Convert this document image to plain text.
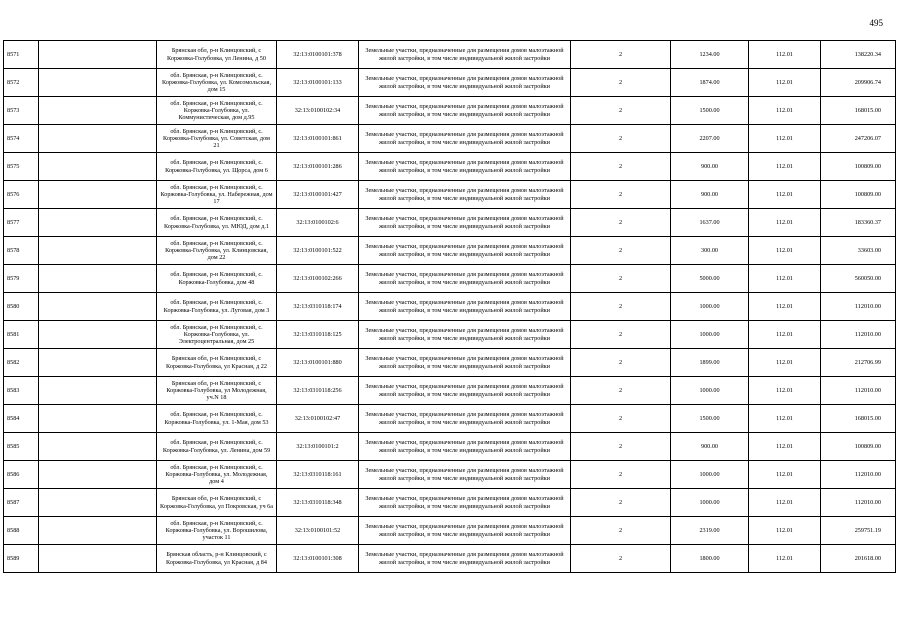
495
8571		Брянская обл, р-н Клинцовский, с Коржовка-Голубовка, ул Ленина, д 50	32:13:0100101:378	Земельные участки, предназначенные для размещения домов малоэтажной жилой застройки, в том числе индивидуальной жилой застройки	2	1234.00	112.01	138220.34
8572		обл. Брянская, р-н Клинцовский, с. Коржовка-Голубовка, ул. Комсомольская, дом 15	32:13:0100101:133	Земельные участки, предназначенные для размещения домов малоэтажной жилой застройки, в том числе индивидуальной жилой застройки	2	1874.00	112.01	209906.74
8573		обл. Брянская, р-н Клинцовский, с. Коржовка-Голубовка, ул. Коммунистическая, дом д.95	32:13:0100102:34	Земельные участки, предназначенные для размещения домов малоэтажной жилой застройки, в том числе индивидуальной жилой застройки	2	1500.00	112.01	168015.00
8574		обл. Брянская, р-н Клинцовский, с. Коржовка-Голубовка, ул. Советская, дом 21	32:13:0100101:861	Земельные участки, предназначенные для размещения домов малоэтажной жилой застройки, в том числе индивидуальной жилой застройки	2	2207.00	112.01	247206.07
8575		обл. Брянская, р-н Клинцовский, с. Коржовка-Голубовка, ул. Щорса, дом 6	32:13:0100101:286	Земельные участки, предназначенные для размещения домов малоэтажной жилой застройки, в том числе индивидуальной жилой застройки	2	900.00	112.01	100809.00
8576		обл. Брянская, р-н Клинцовский, с. Коржовка-Голубовка, ул. Набережная, дом 17	32:13:0100101:427	Земельные участки, предназначенные для размещения домов малоэтажной жилой застройки, в том числе индивидуальной жилой застройки	2	900.00	112.01	100809.00
8577		обл. Брянская, р-н Клинцовский, с. Коржовка-Голубовка, ул. МЮД, дом д.1	32:13:0100102:6	Земельные участки, предназначенные для размещения домов малоэтажной жилой застройки, в том числе индивидуальной жилой застройки	2	1637.00	112.01	183360.37
8578		обл. Брянская, р-н Клинцовский, с. Коржовка-Голубовка, ул. Клинцовская, дом 22	32:13:0100101:522	Земельные участки, предназначенные для размещения домов малоэтажной жилой застройки, в том числе индивидуальной жилой застройки	2	300.00	112.01	33603.00
8579		обл. Брянская, р-н Клинцовский, с. Коржовка-Голубовка, дом 48	32:13:0100102:266	Земельные участки, предназначенные для размещения домов малоэтажной жилой застройки, в том числе индивидуальной жилой застройки	2	5000.00	112.01	560050.00
8580		обл. Брянская, р-н Клинцовский, с. Коржовка-Голубовка, ул. Луговая, дом 3	32:13:0310118:174	Земельные участки, предназначенные для размещения домов малоэтажной жилой застройки, в том числе индивидуальной жилой застройки	2	1000.00	112.01	112010.00
8581		обл. Брянская, р-н Клинцовский, с. Коржовка-Голубовка, ул. Электроцентральная, дом 25	32:13:0310118:125	Земельные участки, предназначенные для размещения домов малоэтажной жилой застройки, в том числе индивидуальной жилой застройки	2	1000.00	112.01	112010.00
8582		Брянская обл, р-н Клинцовский, с Коржовка-Голубовка, ул Красная, д 22	32:13:0100101:880	Земельные участки, предназначенные для размещения домов малоэтажной жилой застройки, в том числе индивидуальной жилой застройки	2	1899.00	112.01	212706.99
8583		Брянская обл, р-н Клинцовский, с Коржовка-Голубовка, ул Молодежная, уч.N 18	32:13:0310118:256	Земельные участки, предназначенные для размещения домов малоэтажной жилой застройки, в том числе индивидуальной жилой застройки	2	1000.00	112.01	112010.00
8584		обл. Брянская, р-н Клинцовский, с. Коржовка-Голубовка, ул. 1-Мая, дом 53	32:13:0100102:47	Земельные участки, предназначенные для размещения домов малоэтажной жилой застройки, в том числе индивидуальной жилой застройки	2	1500.00	112.01	168015.00
8585		обл. Брянская, р-н Клинцовский, с. Коржовка-Голубовка, ул. Ленина, дом 59	32:13:0100101:2	Земельные участки, предназначенные для размещения домов малоэтажной жилой застройки, в том числе индивидуальной жилой застройки	2	900.00	112.01	100809.00
8586		обл. Брянская, р-н Клинцовский, с. Коржовка-Голубовка, ул. Молодежная, дом 4	32:13:0310118:161	Земельные участки, предназначенные для размещения домов малоэтажной жилой застройки, в том числе индивидуальной жилой застройки	2	1000.00	112.01	112010.00
8587		Брянская обл, р-н Клинцовский, с Коржовка-Голубовка, ул Покровская, уч 6а	32:13:0310118:348	Земельные участки, предназначенные для размещения домов малоэтажной жилой застройки, в том числе индивидуальной жилой застройки	2	1000.00	112.01	112010.00
8588		обл. Брянская, р-н Клинцовский, с. Коржовка-Голубовка, ул. Ворошилова, участок 11	32:13:0100101:52	Земельные участки, предназначенные для размещения домов малоэтажной жилой застройки, в том числе индивидуальной жилой застройки	2	2319.00	112.01	259751.19
8589		Брянская область, р-н Клинцовский, с Коржовка-Голубовка, ул Красная, д 84	32:13:0100101:308	Земельные участки, предназначенные для размещения домов малоэтажной жилой застройки, в том числе индивидуальной жилой застройки	2	1800.00	112.01	201618.00
